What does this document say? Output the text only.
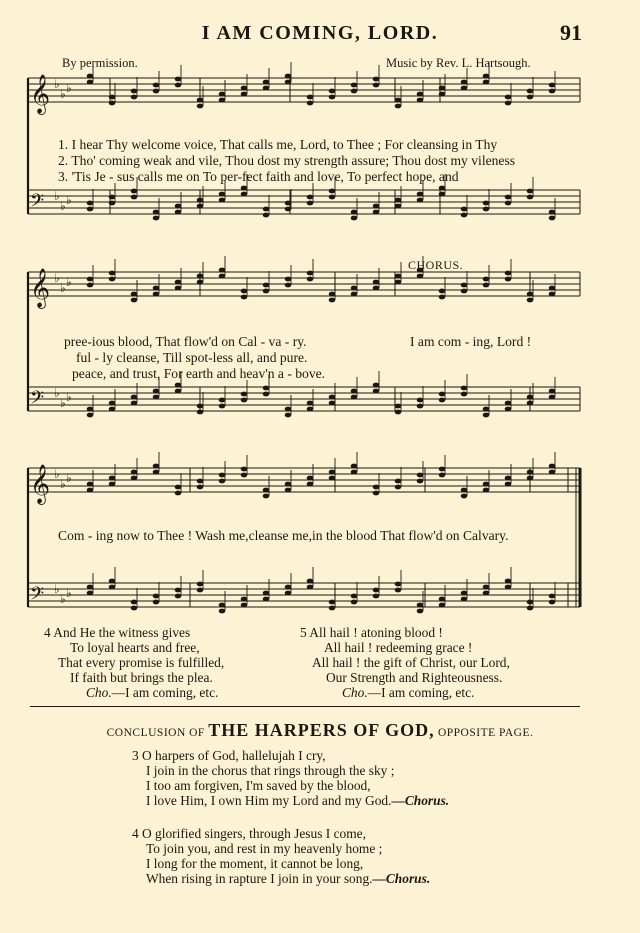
I AM COMING, LORD.	91
By permission.	Music by Rev. L. Hartsough.
𝄞 ♭
♭ ♭
𝄢 ♭
♭ ♭
𝄞 ♭
♭ ♭
𝄢 ♭
♭ ♭
𝄞 ♭
♭ ♭
𝄢 ♭
♭ ♭
1. I hear Thy welcome voice, That calls me, Lord, to Thee ; For cleansing in Thy
2. Tho' coming weak and vile, Thou dost my strength assure; Thou dost my vileness
3. 'Tis Je - sus calls me on To per-fect faith and love, To perfect hope, and
CHORUS.
pree-ious blood, That flow'd on Cal - va - ry.
ful - ly cleanse, Till spot-less all, and pure.
peace, and trust, For earth and heav'n a - bove.
I am com - ing, Lord !
Com - ing now to Thee ! Wash me,cleanse me,in the blood That flow'd on Calvary.
4 And He the witness gives
To loyal hearts and free,
That every promise is fulfilled,
If faith but brings the plea.
Cho.—I am coming, etc.
5 All hail ! atoning blood !
All hail ! redeeming grace !
All hail ! the gift of Christ, our Lord,
Our Strength and Righteousness.
Cho.—I am coming, etc.
CONCLUSION OF THE HARPERS OF GOD, OPPOSITE PAGE.
3 O harpers of God, hallelujah I cry,
I join in the chorus that rings through the sky ;
I too am forgiven, I'm saved by the blood,
I love Him, I own Him my Lord and my God.—Chorus.
4 O glorified singers, through Jesus I come,
To join you, and rest in my heavenly home ;
I long for the moment, it cannot be long,
When rising in rapture I join in your song.—Chorus.
